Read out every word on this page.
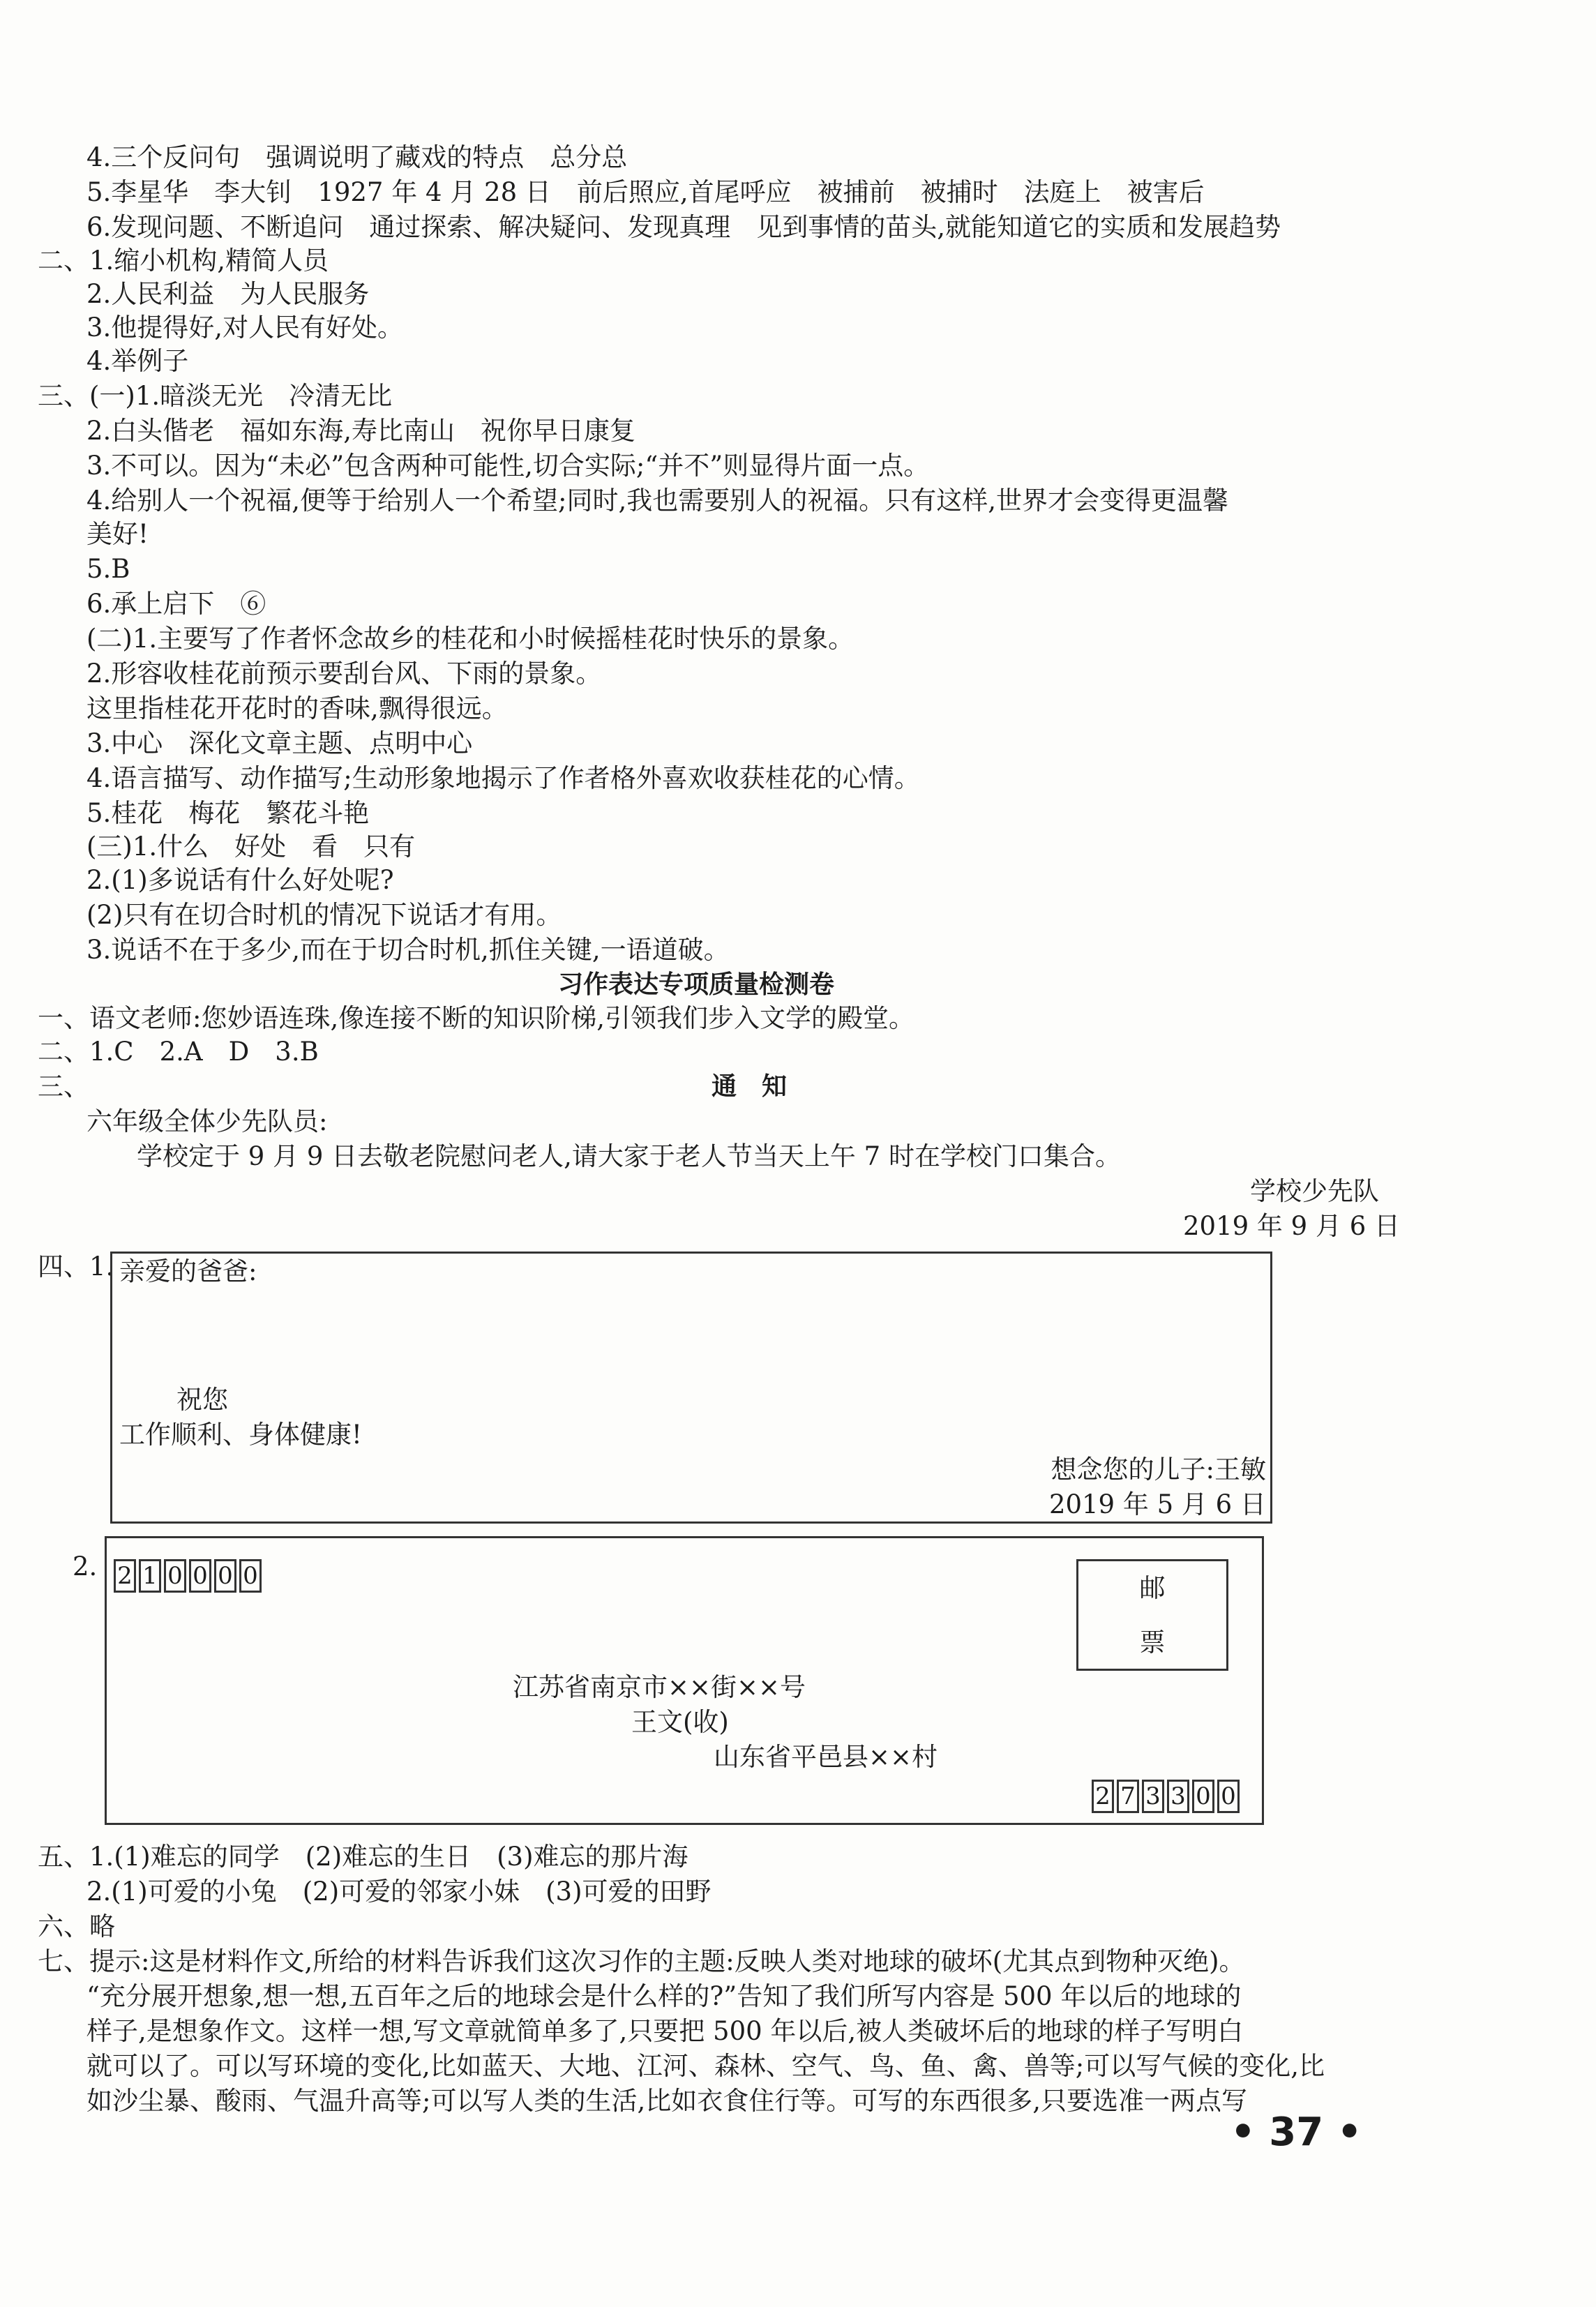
4.三个反问句　强调说明了藏戏的特点　总分总
5.李星华　李大钊　1927 年 4 月 28 日　前后照应,首尾呼应　被捕前　被捕时　法庭上　被害后
6.发现问题、不断追问　通过探索、解决疑问、发现真理　见到事情的苗头,就能知道它的实质和发展趋势
二、1.缩小机构,精简人员
2.人民利益　为人民服务
3.他提得好,对人民有好处。
4.举例子
三、(一)1.暗淡无光　冷清无比
2.白头偕老　福如东海,寿比南山　祝你早日康复
3.不可以。因为“未必”包含两种可能性,切合实际;“并不”则显得片面一点。
4.给别人一个祝福,便等于给别人一个希望;同时,我也需要别人的祝福。只有这样,世界才会变得更温馨
美好!
5.B
6.承上启下　⑥
(二)1.主要写了作者怀念故乡的桂花和小时候摇桂花时快乐的景象。
2.形容收桂花前预示要刮台风、下雨的景象。
这里指桂花开花时的香味,飘得很远。
3.中心　深化文章主题、点明中心
4.语言描写、动作描写;生动形象地揭示了作者格外喜欢收获桂花的心情。
5.桂花　梅花　繁花斗艳
(三)1.什么　好处　看　只有
2.(1)多说话有什么好处呢?
(2)只有在切合时机的情况下说话才有用。
3.说话不在于多少,而在于切合时机,抓住关键,一语道破。
习作表达专项质量检测卷
一、语文老师:您妙语连珠,像连接不断的知识阶梯,引领我们步入文学的殿堂。
二、1.C　2.A　D　3.B
三、	通　知
六年级全体少先队员:
学校定于 9 月 9 日去敬老院慰问老人,请大家于老人节当天上午 7 时在学校门口集合。
学校少先队
2019 年 9 月 6 日
四、1. 亲爱的爸爸:
祝您
工作顺利、身体健康!
想念您的儿子:王敏
2019 年 5 月 6 日
2. 2 1 0 0 0 0	邮
票
江苏省南京市××街××号
王文(收)
山东省平邑县××村
2 7 3 3 0 0
五、1.(1)难忘的同学　(2)难忘的生日　(3)难忘的那片海
2.(1)可爱的小兔　(2)可爱的邻家小妹　(3)可爱的田野
六、略
七、提示:这是材料作文,所给的材料告诉我们这次习作的主题:反映人类对地球的破坏(尤其点到物种灭绝)。
“充分展开想象,想一想,五百年之后的地球会是什么样的?”告知了我们所写内容是 500 年以后的地球的
样子,是想象作文。这样一想,写文章就简单多了,只要把 500 年以后,被人类破坏后的地球的样子写明白
就可以了。可以写环境的变化,比如蓝天、大地、江河、森林、空气、鸟、鱼、禽、兽等;可以写气候的变化,比
如沙尘暴、酸雨、气温升高等;可以写人类的生活,比如衣食住行等。可写的东西很多,只要选准一两点写
• 37 •
